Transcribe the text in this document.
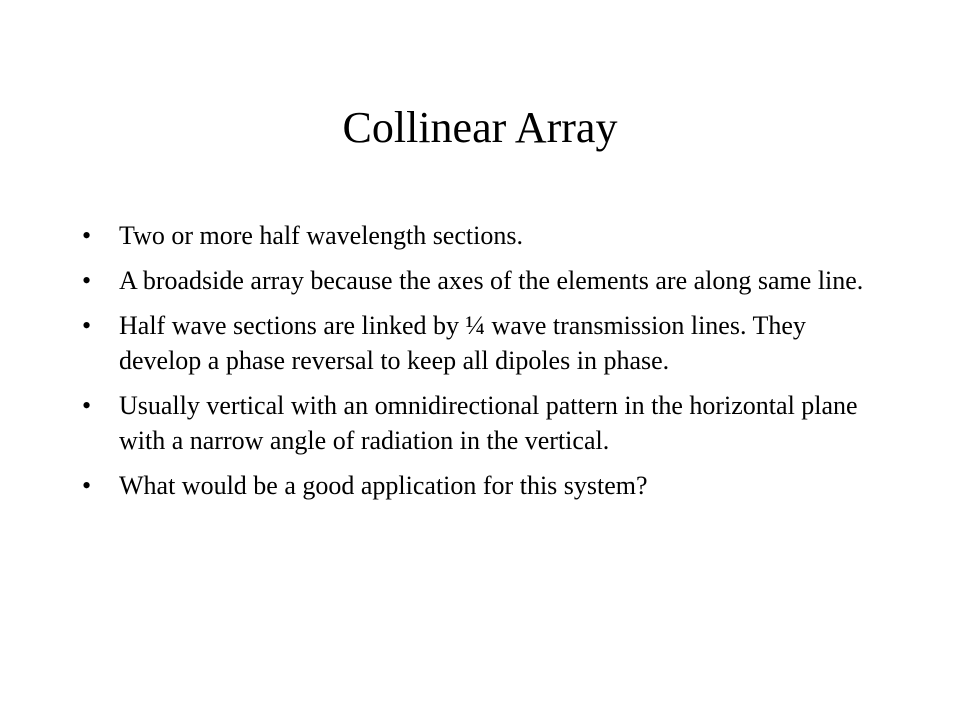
Collinear Array
•	Two or more half wavelength sections.
•	A broadside array because the axes of the elements are along same line.
•	Half wave sections are linked by ¼ wave transmission lines. They develop a phase reversal to keep all dipoles in phase.
•	Usually vertical with an omnidirectional pattern in the horizontal plane with a narrow angle of radiation in the vertical.
•	What would be a good application for this system?
